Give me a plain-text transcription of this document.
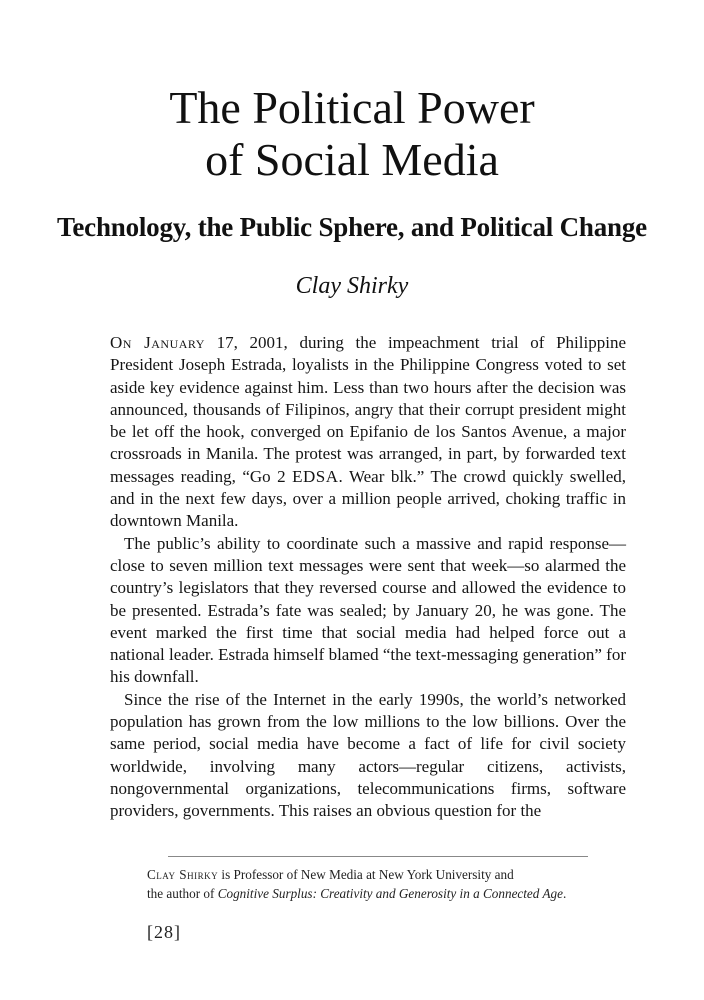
The Political Power
of Social Media
Technology, the Public Sphere, and Political Change
Clay Shirky

On January 17, 2001, during the impeachment trial of Philippine President Joseph Estrada, loyalists in the Philippine Congress voted to set aside key evidence against him. Less than two hours after the decision was announced, thousands of Filipinos, angry that their corrupt president might be let off the hook, converged on Epifanio de los Santos Avenue, a major crossroads in Manila. The protest was arranged, in part, by forwarded text messages reading, “Go 2 EDSA. Wear blk.” The crowd quickly swelled, and in the next few days, over a million people arrived, choking traffic in downtown Manila.

The public’s ability to coordinate such a massive and rapid response—close to seven million text messages were sent that week—so alarmed the country’s legislators that they reversed course and allowed the evidence to be presented. Estrada’s fate was sealed; by January 20, he was gone. The event marked the first time that social media had helped force out a national leader. Estrada himself blamed “the text-messaging generation” for his downfall.

Since the rise of the Internet in the early 1990s, the world’s networked population has grown from the low millions to the low billions. Over the same period, social media have become a fact of life for civil society worldwide, involving many actors—regular citizens, activists, nongovernmental organizations, telecommunications firms, software providers, governments. This raises an obvious question for the

Clay Shirky is Professor of New Media at New York University and
the author of Cognitive Surplus: Creativity and Generosity in a Connected Age.
[28]
